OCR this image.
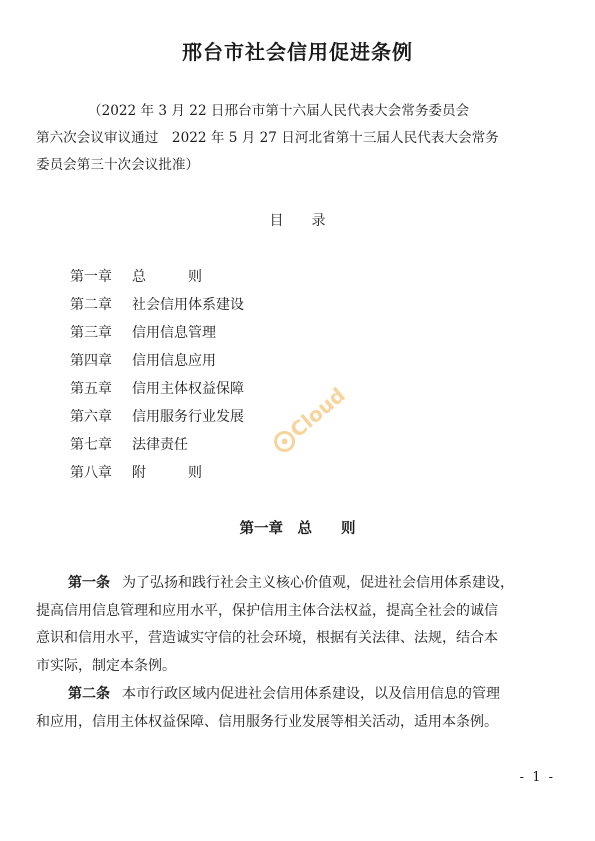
邢台市社会信用促进条例
（2022 年 3 月 22 日邢台市第十六届人民代表大会常务委员会
第六次会议审议通过　2022 年 5 月 27 日河北省第十三届人民代表大会常务
委员会第三十次会议批准）
目录
第一章 总　则
第二章 社会信用体系建设
第三章 信用信息管理
第四章 信用信息应用
第五章 信用主体权益保障
第六章 信用服务行业发展
第七章 法律责任
第八章 附　则
Cloud
第一章　总　　则
第一条 为了弘扬和践行社会主义核心价值观，促进社会信用体系建设，
提高信用信息管理和应用水平，保护信用主体合法权益，提高全社会的诚信
意识和信用水平，营造诚实守信的社会环境，根据有关法律、法规，结合本
市实际，制定本条例。
第二条 本市行政区域内促进社会信用体系建设，以及信用信息的管理
和应用，信用主体权益保障、信用服务行业发展等相关活动，适用本条例。
- 1 -
